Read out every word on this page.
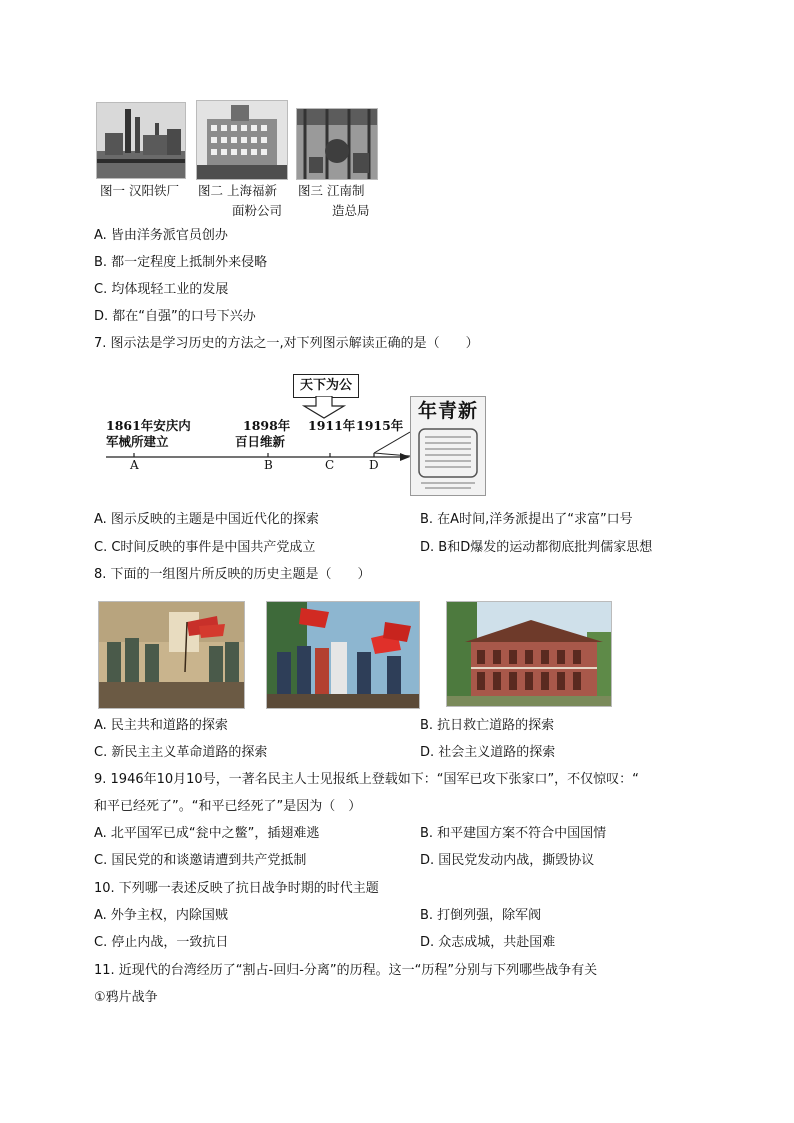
图一 汉阳铁厂 图二 上海福新
面粉公司
图三 江南制
造总局
A. 皆由洋务派官员创办
B. 都一定程度上抵制外来侵略
C. 均体现轻工业的发展
D. 都在“自强”的口号下兴办
7. 图示法是学习历史的方法之一,对下列图示解读正确的是（　　）
天下为公
1861年安庆内
军械所建立
1898年
百日维新
1911年 1915年
A	B	C	D
年青新
A. 图示反映的主题是中国近代化的探索	B. 在A时间,洋务派提出了“求富”口号
C. C时间反映的事件是中国共产党成立	D. B和D爆发的运动都彻底批判儒家思想
8. 下面的一组图片所反映的历史主题是（　　）
A. 民主共和道路的探索	B. 抗日救亡道路的探索
C. 新民主主义革命道路的探索	D. 社会主义道路的探索
9. 1946年10月10号，一著名民主人士见报纸上登载如下：“国军已攻下张家口”，不仅惊叹：“
和平已经死了”。“和平已经死了”是因为（　）
A. 北平国军已成“瓮中之鳖”，插翅难逃	B. 和平建国方案不符合中国国情
C. 国民党的和谈邀请遭到共产党抵制	D. 国民党发动内战，撕毁协议
10. 下列哪一表述反映了抗日战争时期的时代主题
A. 外争主权，内除国贼	B. 打倒列强，除军阀
C. 停止内战，一致抗日	D. 众志成城，共赴国难
11. 近现代的台湾经历了“割占-回归-分离”的历程。这一“历程”分别与下列哪些战争有关
①鸦片战争
